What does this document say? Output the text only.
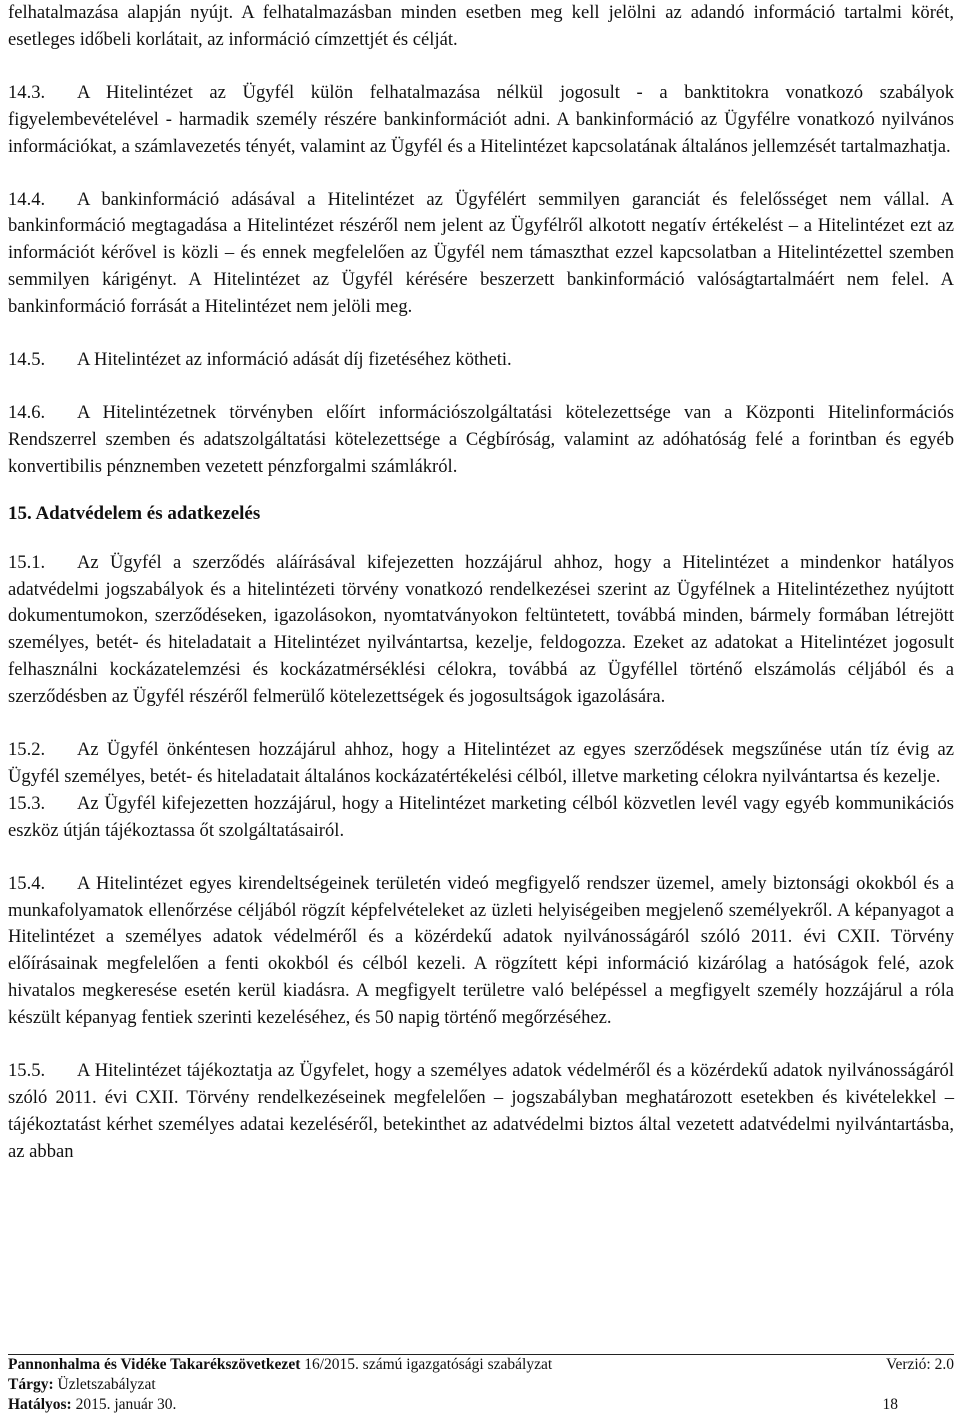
felhatalmazása alapján nyújt. A felhatalmazásban minden esetben meg kell jelölni az adandó információ tartalmi körét, esetleges időbeli korlátait, az információ címzettjét és célját.

14.3. A Hitelintézet az Ügyfél külön felhatalmazása nélkül jogosult - a banktitokra vonatkozó szabályok figyelembevételével - harmadik személy részére bankinformációt adni. A bankinformáció az Ügyfélre vonatkozó nyilvános információkat, a számlavezetés tényét, valamint az Ügyfél és a Hitelintézet kapcsolatának általános jellemzését tartalmazhatja.

14.4. A bankinformáció adásával a Hitelintézet az Ügyfélért semmilyen garanciát és felelősséget nem vállal. A bankinformáció megtagadása a Hitelintézet részéről nem jelent az Ügyfélről alkotott negatív értékelést – a Hitelintézet ezt az információt kérővel is közli – és ennek megfelelően az Ügyfél nem támaszthat ezzel kapcsolatban a Hitelintézettel szemben semmilyen kárigényt. A Hitelintézet az Ügyfél kérésére beszerzett bankinformáció valóságtartalmáért nem felel. A bankinformáció forrását a Hitelintézet nem jelöli meg.

14.5. A Hitelintézet az információ adását díj fizetéséhez kötheti.

14.6. A Hitelintézetnek törvényben előírt információszolgáltatási kötelezettsége van a Központi Hitelinformációs Rendszerrel szemben és adatszolgáltatási kötelezettsége a Cégbíróság, valamint az adóhatóság felé a forintban és egyéb konvertibilis pénznemben vezetett pénzforgalmi számlákról.

15. Adatvédelem és adatkezelés

15.1. Az Ügyfél a szerződés aláírásával kifejezetten hozzájárul ahhoz, hogy a Hitelintézet a mindenkor hatályos adatvédelmi jogszabályok és a hitelintézeti törvény vonatkozó rendelkezései szerint az Ügyfélnek a Hitelintézethez nyújtott dokumentumokon, szerződéseken, igazolásokon, nyomtatványokon feltüntetett, továbbá minden, bármely formában létrejött személyes, betét- és hiteladatait a Hitelintézet nyilvántartsa, kezelje, feldogozza. Ezeket az adatokat a Hitelintézet jogosult felhasználni kockázatelemzési és kockázatmérséklési célokra, továbbá az Ügyféllel történő elszámolás céljából és a szerződésben az Ügyfél részéről felmerülő kötelezettségek és jogosultságok igazolására.

15.2. Az Ügyfél önkéntesen hozzájárul ahhoz, hogy a Hitelintézet az egyes szerződések megszűnése után tíz évig az Ügyfél személyes, betét- és hiteladatait általános kockázatértékelési célból, illetve marketing célokra nyilvántartsa és kezelje.

15.3. Az Ügyfél kifejezetten hozzájárul, hogy a Hitelintézet marketing célból közvetlen levél vagy egyéb kommunikációs eszköz útján tájékoztassa őt szolgáltatásairól.

15.4. A Hitelintézet egyes kirendeltségeinek területén videó megfigyelő rendszer üzemel, amely biztonsági okokból és a munkafolyamatok ellenőrzése céljából rögzít képfelvételeket az üzleti helyiségeiben megjelenő személyekről. A képanyagot a Hitelintézet a személyes adatok védelméről és a közérdekű adatok nyilvánosságáról szóló 2011. évi CXII. Törvény előírásainak megfelelően a fenti okokból és célból kezeli. A rögzített képi információ kizárólag a hatóságok felé, azok hivatalos megkeresése esetén kerül kiadásra. A megfigyelt területre való belépéssel a megfigyelt személy hozzájárul a róla készült képanyag fentiek szerinti kezeléséhez, és 50 napig történő megőrzéséhez.

15.5. A Hitelintézet tájékoztatja az Ügyfelet, hogy a személyes adatok védelméről és a közérdekű adatok nyilvánosságáról szóló 2011. évi CXII. Törvény rendelkezéseinek megfelelően – jogszabályban meghatározott esetekben és kivételekkel – tájékoztatást kérhet személyes adatai kezeléséről, betekinthet az adatvédelmi biztos által vezetett adatvédelmi nyilvántartásba, az abban

Pannonhalma és Vidéke Takarékszövetkezet 16/2015. számú igazgatósági szabályzat	Verzió: 2.0
Tárgy: Üzletszabályzat
Hatályos: 2015. január 30.	18
